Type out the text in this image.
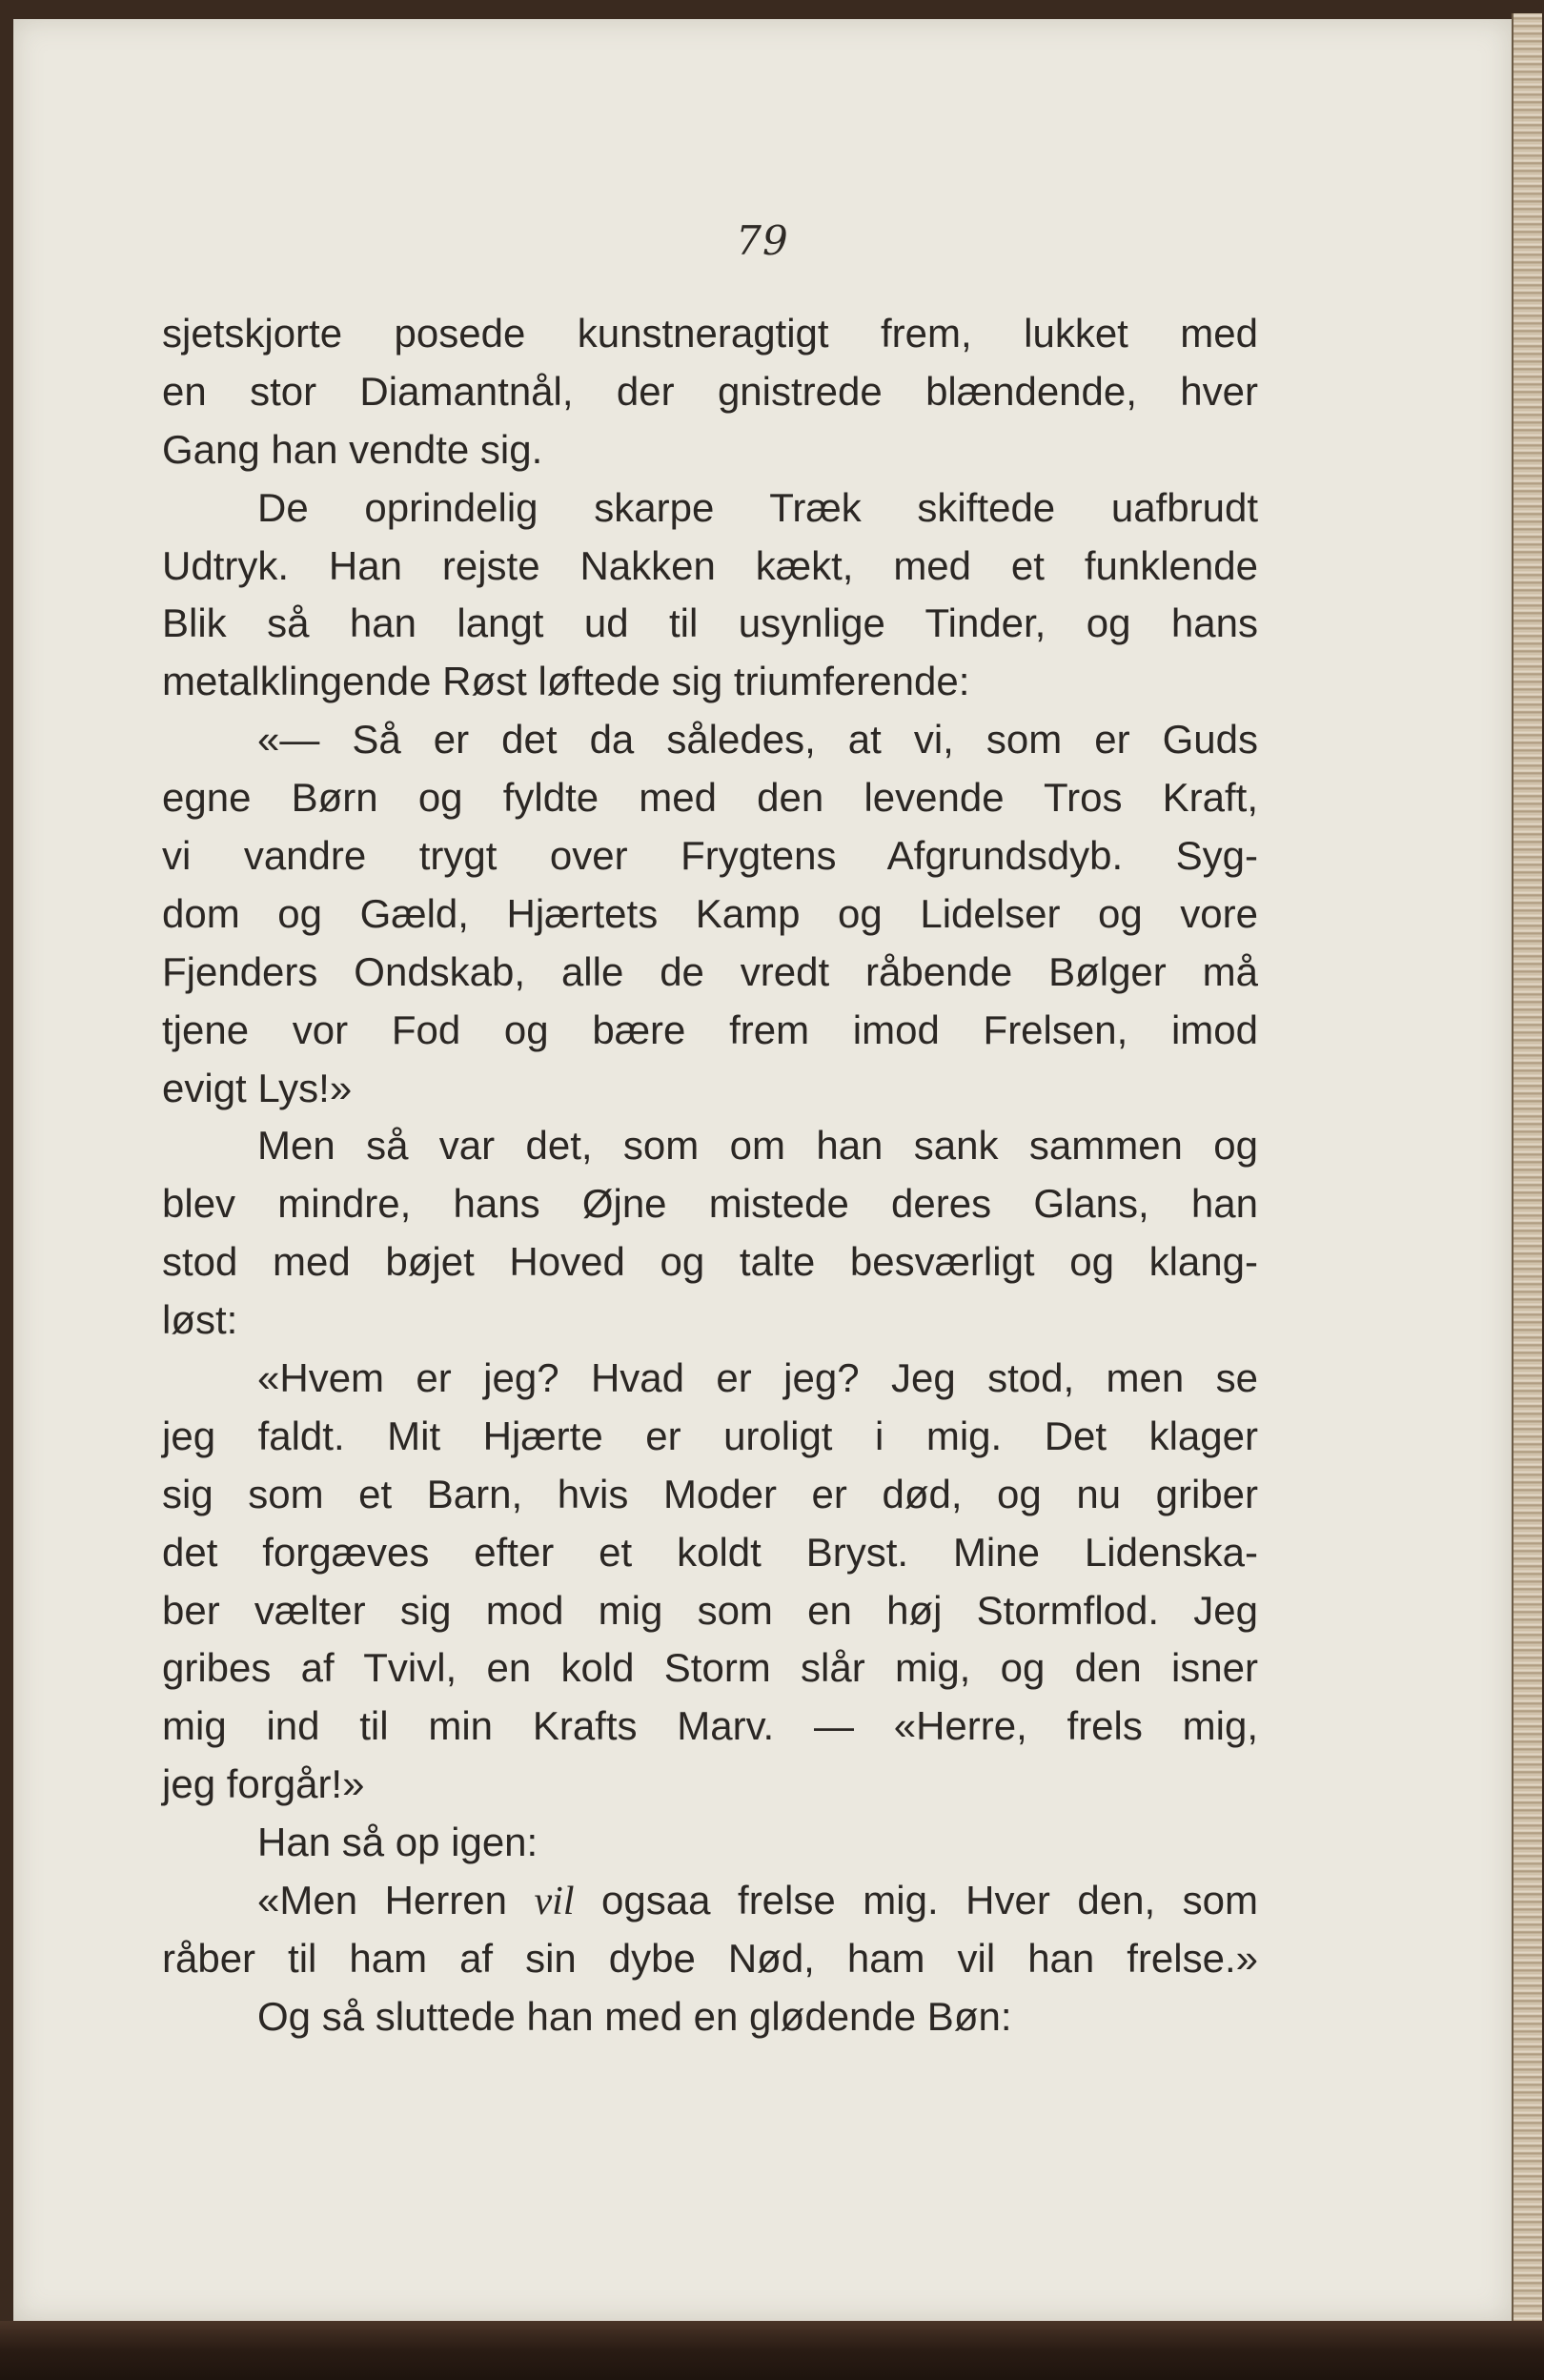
79
sjetskjorte posede kunstneragtigt frem, lukket med
en stor Diamantnål, der gnistrede blændende, hver
Gang han vendte sig.
De oprindelig skarpe Træk skiftede uafbrudt
Udtryk. Han rejste Nakken kækt, med et funklende
Blik så han langt ud til usynlige Tinder, og hans
metalklingende Røst løftede sig triumferende:
«— Så er det da således, at vi, som er Guds
egne Børn og fyldte med den levende Tros Kraft,
vi vandre trygt over Frygtens Afgrundsdyb. Syg-
dom og Gæld, Hjærtets Kamp og Lidelser og vore
Fjenders Ondskab, alle de vredt råbende Bølger må
tjene vor Fod og bære frem imod Frelsen, imod
evigt Lys!»
Men så var det, som om han sank sammen og
blev mindre, hans Øjne mistede deres Glans, han
stod med bøjet Hoved og talte besværligt og klang-
løst:
«Hvem er jeg? Hvad er jeg? Jeg stod, men se
jeg faldt. Mit Hjærte er uroligt i mig. Det klager
sig som et Barn, hvis Moder er død, og nu griber
det forgæves efter et koldt Bryst. Mine Lidenska-
ber vælter sig mod mig som en høj Stormflod. Jeg
gribes af Tvivl, en kold Storm slår mig, og den isner
mig ind til min Krafts Marv. — «Herre, frels mig,
jeg forgår!»
Han så op igen:
«Men Herren vil ogsaa frelse mig. Hver den, som
råber til ham af sin dybe Nød, ham vil han frelse.»
Og så sluttede han med en glødende Bøn:
